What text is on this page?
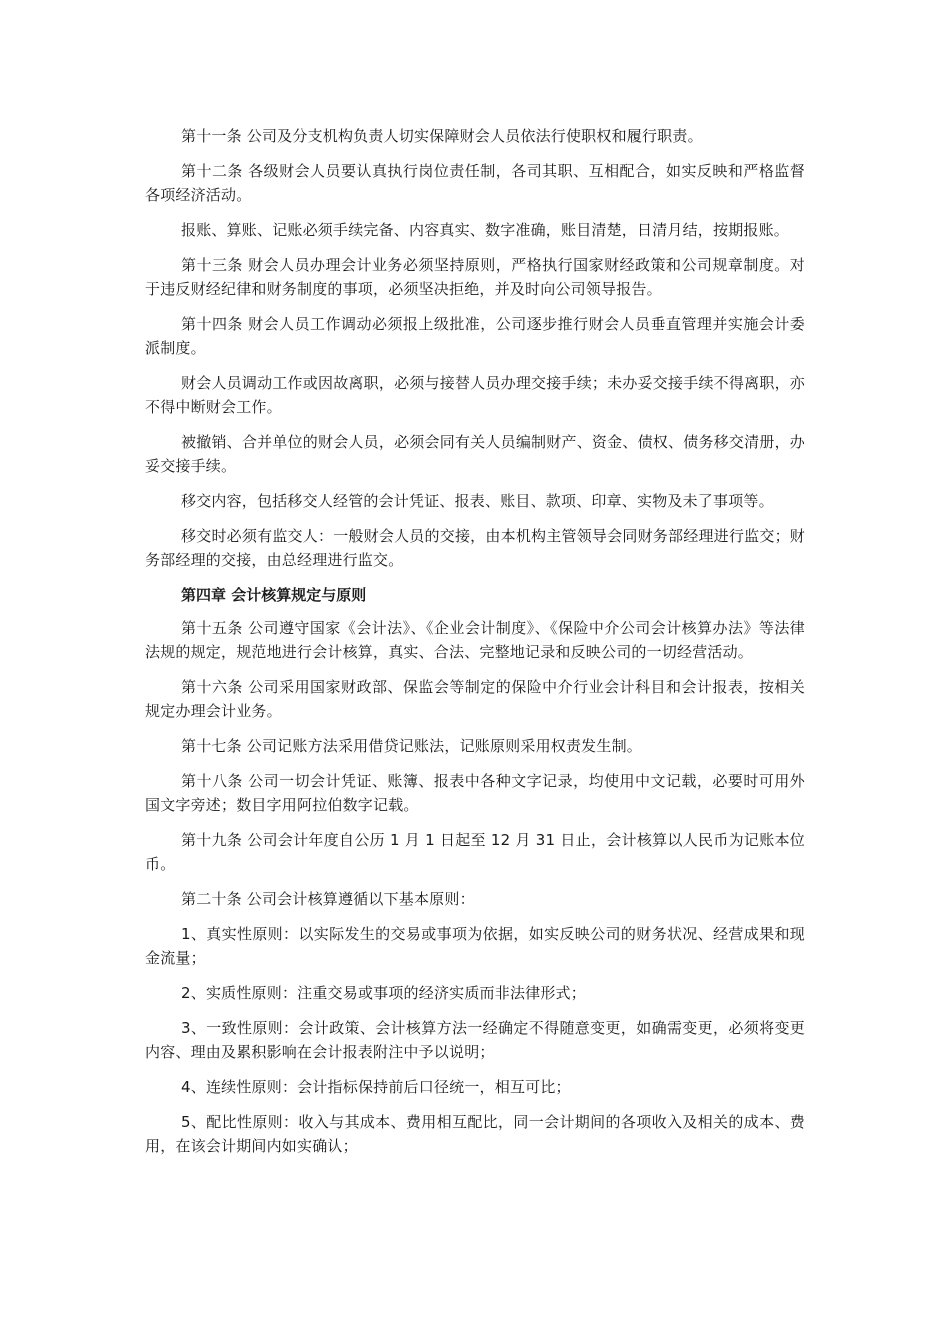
第十一条 公司及分支机构负责人切实保障财会人员依法行使职权和履行职责。

第十二条 各级财会人员要认真执行岗位责任制，各司其职、互相配合，如实反映和严格监督各项经济活动。

报账、算账、记账必须手续完备、内容真实、数字准确，账目清楚，日清月结，按期报账。

第十三条 财会人员办理会计业务必须坚持原则，严格执行国家财经政策和公司规章制度。对于违反财经纪律和财务制度的事项，必须坚决拒绝，并及时向公司领导报告。

第十四条 财会人员工作调动必须报上级批准，公司逐步推行财会人员垂直管理并实施会计委派制度。

财会人员调动工作或因故离职，必须与接替人员办理交接手续；未办妥交接手续不得离职，亦不得中断财会工作。

被撤销、合并单位的财会人员，必须会同有关人员编制财产、资金、债权、债务移交清册，办妥交接手续。

移交内容，包括移交人经管的会计凭证、报表、账目、款项、印章、实物及未了事项等。

移交时必须有监交人：一般财会人员的交接，由本机构主管领导会同财务部经理进行监交；财务部经理的交接，由总经理进行监交。

第四章 会计核算规定与原则

第十五条 公司遵守国家《会计法》、《企业会计制度》、《保险中介公司会计核算办法》等法律法规的规定，规范地进行会计核算，真实、合法、完整地记录和反映公司的一切经营活动。

第十六条 公司采用国家财政部、保监会等制定的保险中介行业会计科目和会计报表，按相关规定办理会计业务。

第十七条 公司记账方法采用借贷记账法，记账原则采用权责发生制。

第十八条 公司一切会计凭证、账簿、报表中各种文字记录，均使用中文记载，必要时可用外国文字旁述；数目字用阿拉伯数字记载。

第十九条 公司会计年度自公历 1 月 1 日起至 12 月 31 日止，会计核算以人民币为记账本位币。

第二十条 公司会计核算遵循以下基本原则：

1、真实性原则：以实际发生的交易或事项为依据，如实反映公司的财务状况、经营成果和现金流量；

2、实质性原则：注重交易或事项的经济实质而非法律形式；

3、一致性原则：会计政策、会计核算方法一经确定不得随意变更，如确需变更，必须将变更内容、理由及累积影响在会计报表附注中予以说明；

4、连续性原则：会计指标保持前后口径统一，相互可比；

5、配比性原则：收入与其成本、费用相互配比，同一会计期间的各项收入及相关的成本、费用，在该会计期间内如实确认；
